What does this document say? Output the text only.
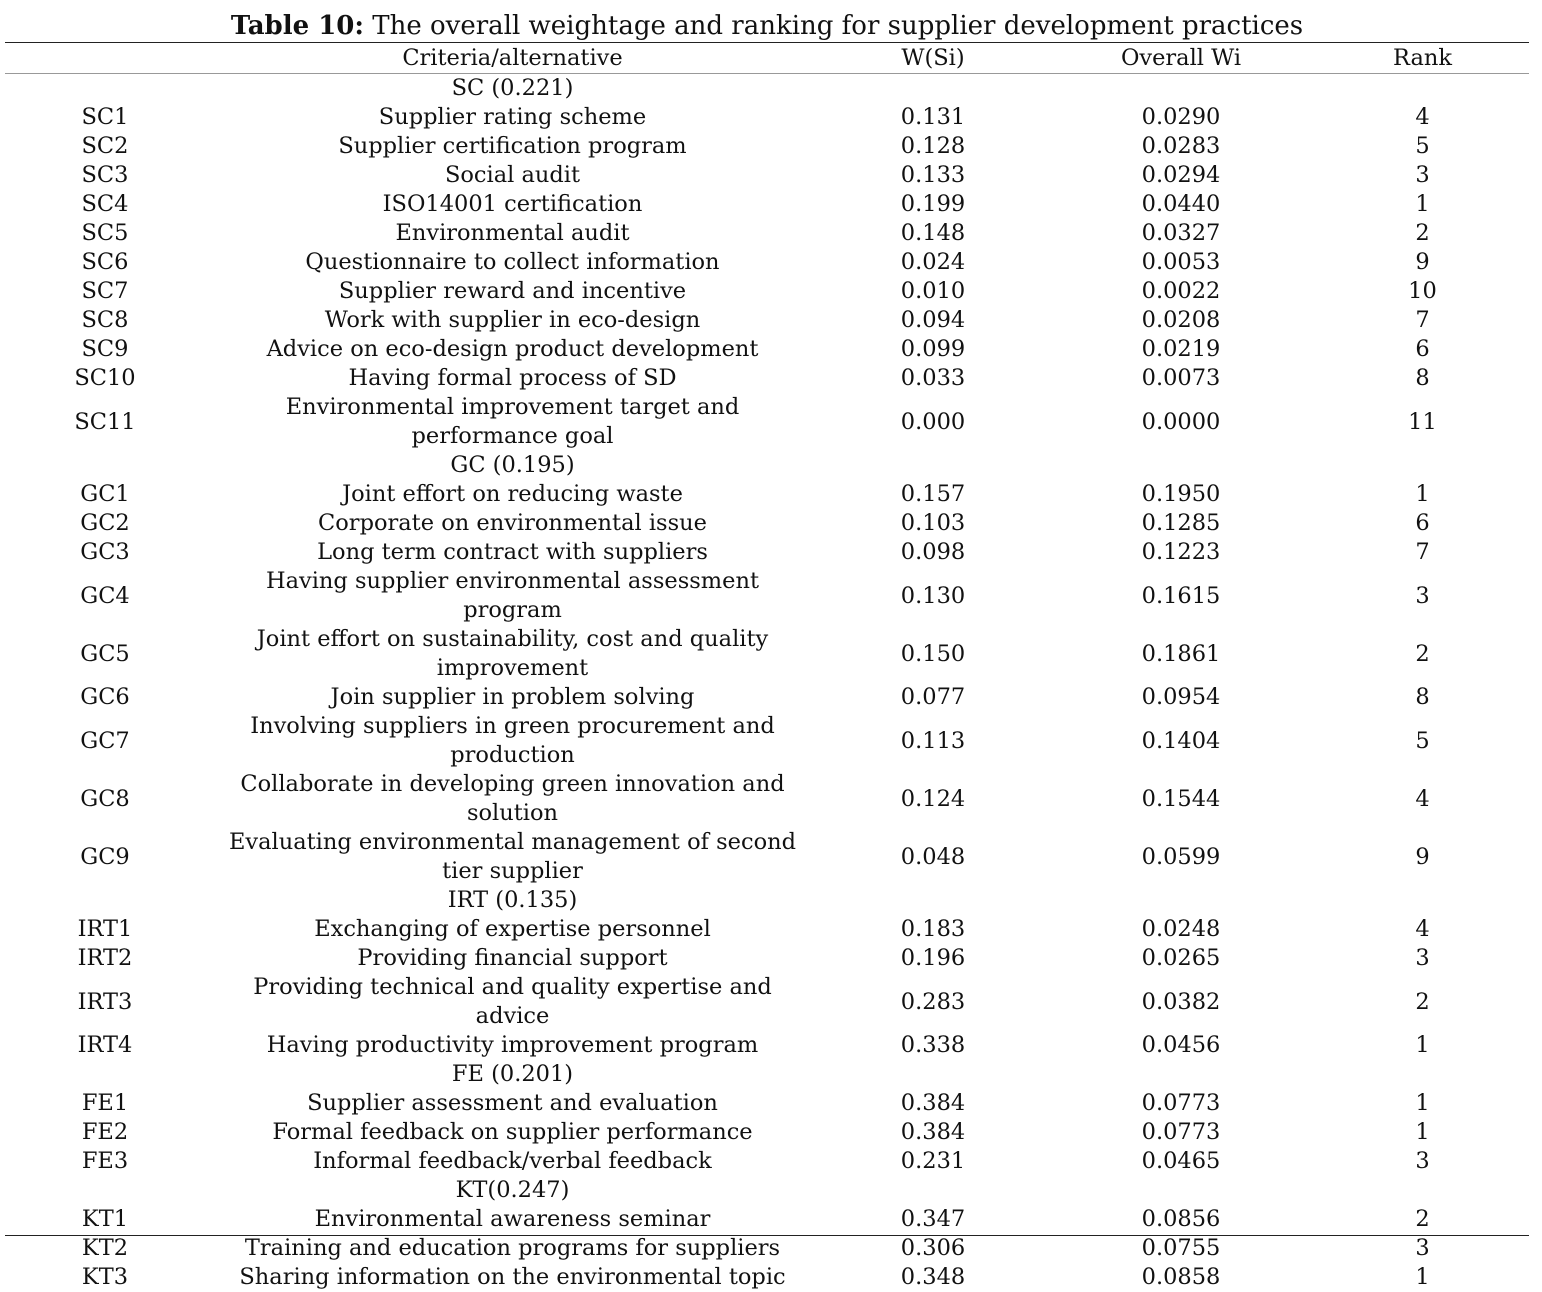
Table 10: The overall weightage and ranking for supplier development practices
	Criteria/alternative	W(Si)	Overall Wi	Rank
	SC (0.221)			
SC1	Supplier rating scheme	0.131	0.0290	4
SC2	Supplier certification program	0.128	0.0283	5
SC3	Social audit	0.133	0.0294	3
SC4	ISO14001 certification	0.199	0.0440	1
SC5	Environmental audit	0.148	0.0327	2
SC6	Questionnaire to collect information	0.024	0.0053	9
SC7	Supplier reward and incentive	0.010	0.0022	10
SC8	Work with supplier in eco-design	0.094	0.0208	7
SC9	Advice on eco-design product development	0.099	0.0219	6
SC10	Having formal process of SD	0.033	0.0073	8
SC11	Environmental improvement target and performance goal	0.000	0.0000	11
	GC (0.195)			
GC1	Joint effort on reducing waste	0.157	0.1950	1
GC2	Corporate on environmental issue	0.103	0.1285	6
GC3	Long term contract with suppliers	0.098	0.1223	7
GC4	Having supplier environmental assessment program	0.130	0.1615	3
GC5	Joint effort on sustainability, cost and quality improvement	0.150	0.1861	2
GC6	Join supplier in problem solving	0.077	0.0954	8
GC7	Involving suppliers in green procurement and production	0.113	0.1404	5
GC8	Collaborate in developing green innovation and solution	0.124	0.1544	4
GC9	Evaluating environmental management of second tier supplier	0.048	0.0599	9
	IRT (0.135)			
IRT1	Exchanging of expertise personnel	0.183	0.0248	4
IRT2	Providing financial support	0.196	0.0265	3
IRT3	Providing technical and quality expertise and advice	0.283	0.0382	2
IRT4	Having productivity improvement program	0.338	0.0456	1
	FE (0.201)			
FE1	Supplier assessment and evaluation	0.384	0.0773	1
FE2	Formal feedback on supplier performance	0.384	0.0773	1
FE3	Informal feedback/verbal feedback	0.231	0.0465	3
	KT(0.247)			
KT1	Environmental awareness seminar	0.347	0.0856	2
KT2	Training and education programs for suppliers	0.306	0.0755	3
KT3	Sharing information on the environmental topic	0.348	0.0858	1
